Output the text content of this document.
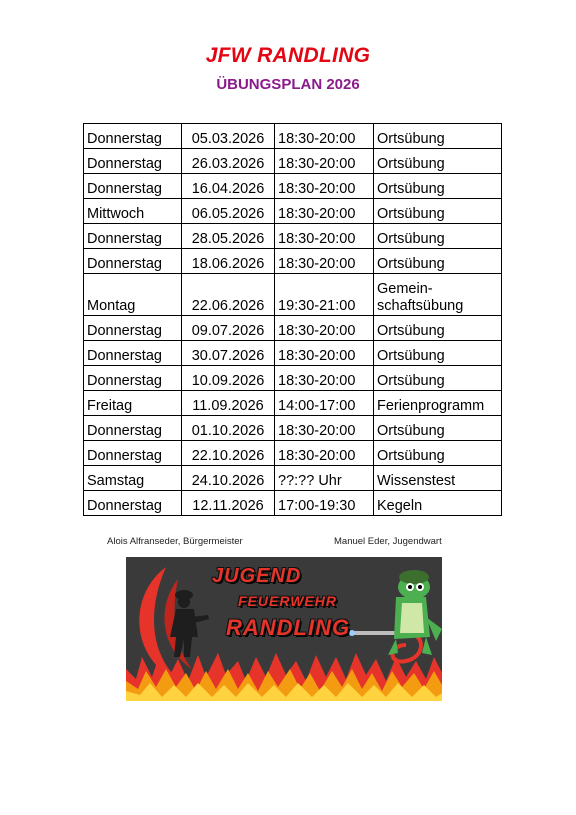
JFW RANDLING
ÜBUNGSPLAN 2026
Donnerstag	05.03.2026	18:30-20:00	Ortsübung
Donnerstag	26.03.2026	18:30-20:00	Ortsübung
Donnerstag	16.04.2026	18:30-20:00	Ortsübung
Mittwoch	06.05.2026	18:30-20:00	Ortsübung
Donnerstag	28.05.2026	18:30-20:00	Ortsübung
Donnerstag	18.06.2026	18:30-20:00	Ortsübung
Montag	22.06.2026	19:30-21:00	Gemein-
schaftsübung
Donnerstag	09.07.2026	18:30-20:00	Ortsübung
Donnerstag	30.07.2026	18:30-20:00	Ortsübung
Donnerstag	10.09.2026	18:30-20:00	Ortsübung
Freitag	11.09.2026	14:00-17:00	Ferienprogramm
Donnerstag	01.10.2026	18:30-20:00	Ortsübung
Donnerstag	22.10.2026	18:30-20:00	Ortsübung
Samstag	24.10.2026	??:?? Uhr	Wissenstest
Donnerstag	12.11.2026	17:00-19:30	Kegeln
Alois Alfranseder, Bürgermeister	Manuel Eder, Jugendwart
JUGEND
FEUERWEHR
RANDLING
